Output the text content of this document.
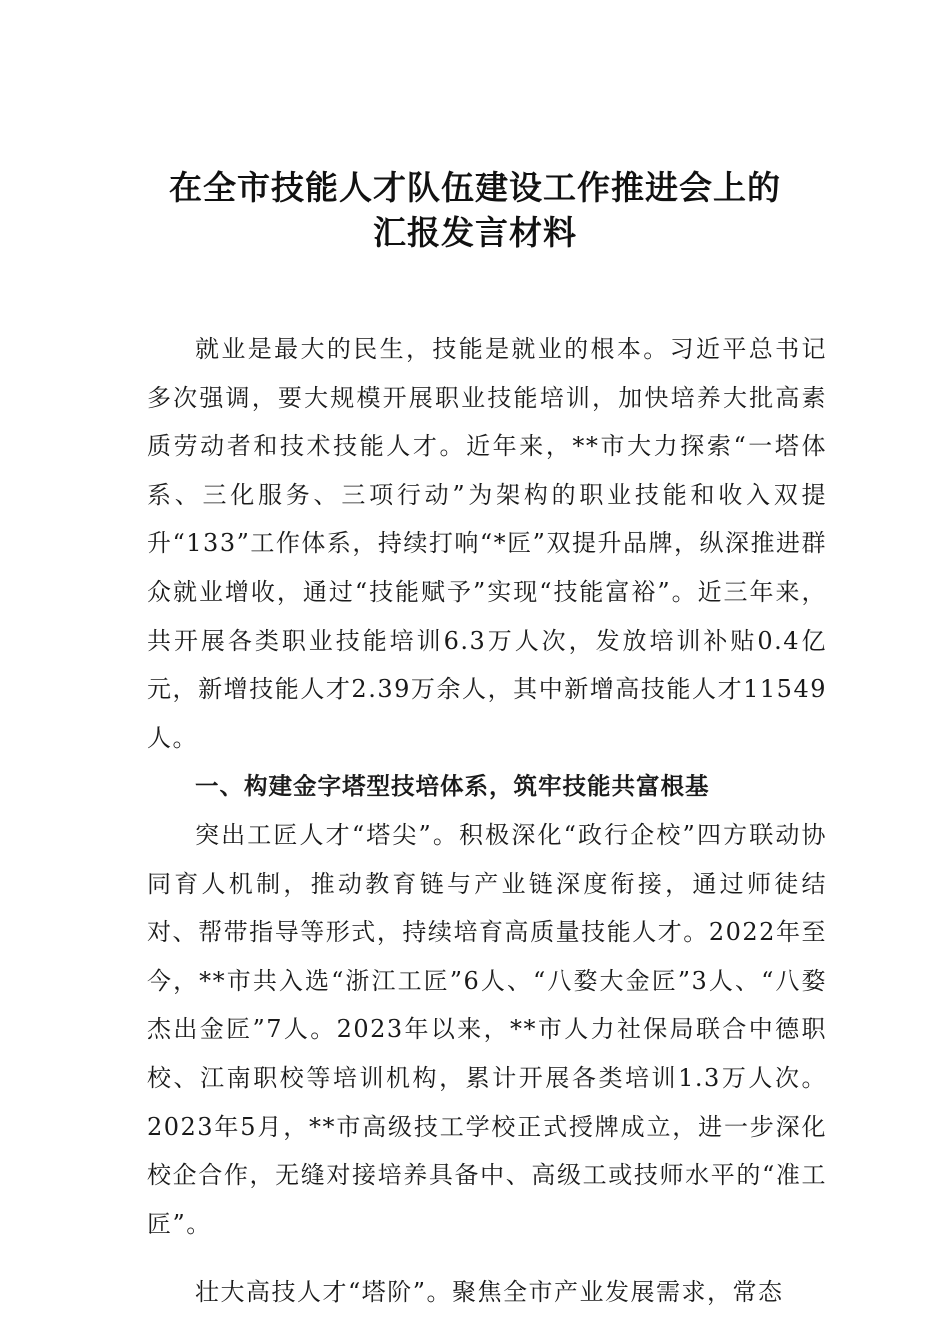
在全市技能人才队伍建设工作推进会上的
汇报发言材料

就业是最大的民生，技能是就业的根本。习近平总书记多次强调，要大规模开展职业技能培训，加快培养大批高素质劳动者和技术技能人才。近年来，**市大力探索“一塔体系、三化服务、三项行动”为架构的职业技能和收入双提升“133”工作体系，持续打响“*匠”双提升品牌，纵深推进群众就业增收，通过“技能赋予”实现“技能富裕”。近三年来，共开展各类职业技能培训6.3万人次，发放培训补贴0.4亿元，新增技能人才2.39万余人，其中新增高技能人才11549人。

一、构建金字塔型技培体系，筑牢技能共富根基

突出工匠人才“塔尖”。积极深化“政行企校”四方联动协同育人机制，推动教育链与产业链深度衔接，通过师徒结对、帮带指导等形式，持续培育高质量技能人才。2022年至今，**市共入选“浙江工匠”6人、“八婺大金匠”3人、“八婺杰出金匠”7人。2023年以来，**市人力社保局联合中德职校、江南职校等培训机构，累计开展各类培训1.3万人次。2023年5月，**市高级技工学校正式授牌成立，进一步深化校企合作，无缝对接培养具备中、高级工或技师水平的“准工匠”。

壮大高技人才“塔阶”。聚焦全市产业发展需求，常态
